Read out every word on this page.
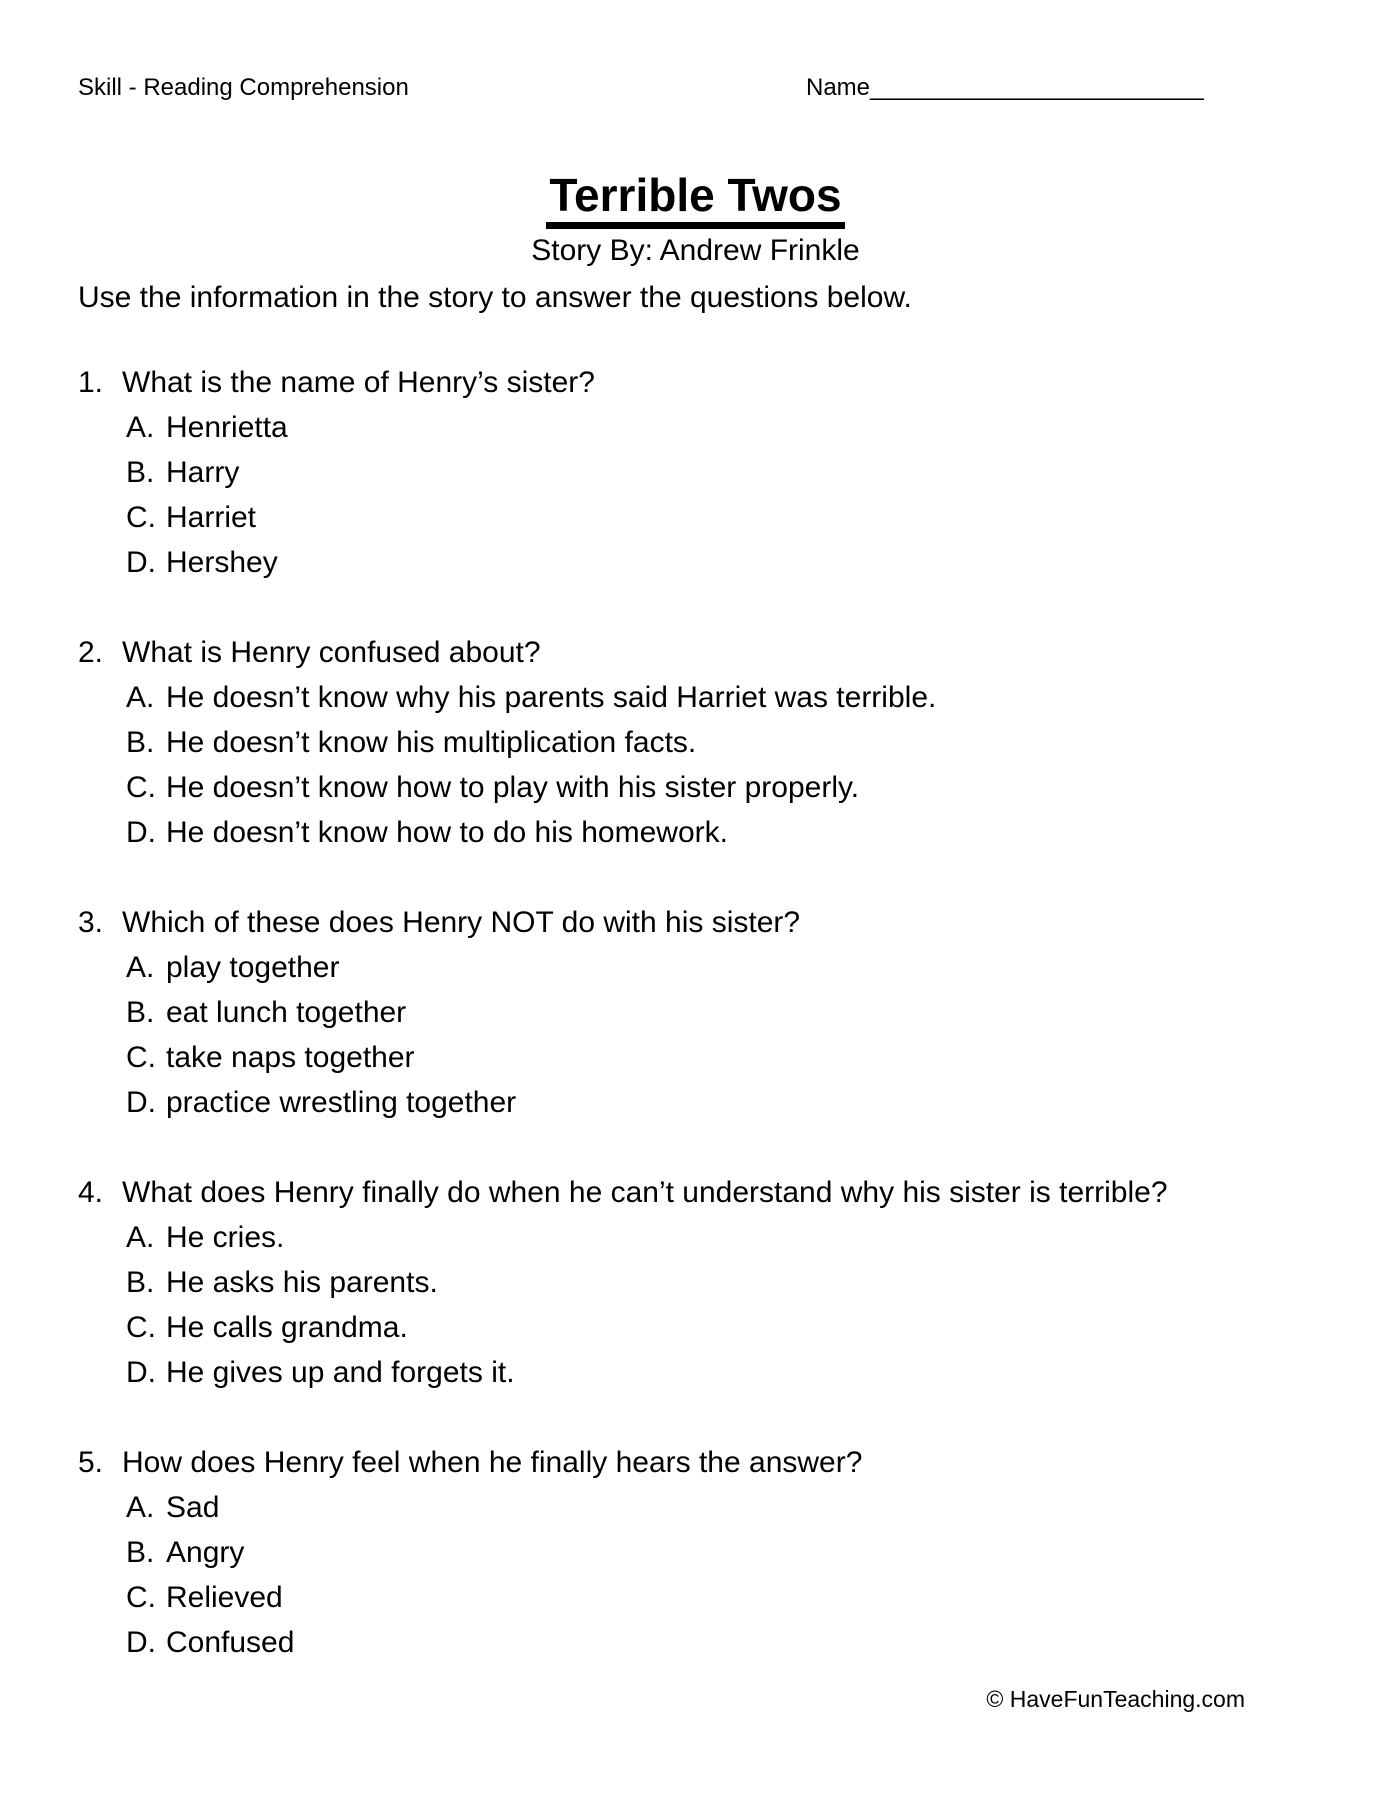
Skill - Reading Comprehension	Name_________________________
Terrible Twos
Story By: Andrew Frinkle
Use the information in the story to answer the questions below.
1. What is the name of Henry’s sister?
A. Henrietta
B. Harry
C. Harriet
D. Hershey
2. What is Henry confused about?
A. He doesn’t know why his parents said Harriet was terrible.
B. He doesn’t know his multiplication facts.
C. He doesn’t know how to play with his sister properly.
D. He doesn’t know how to do his homework.
3. Which of these does Henry NOT do with his sister?
A. play together
B. eat lunch together
C. take naps together
D. practice wrestling together
4. What does Henry finally do when he can’t understand why his sister is terrible?
A. He cries.
B. He asks his parents.
C. He calls grandma.
D. He gives up and forgets it.
5. How does Henry feel when he finally hears the answer?
A. Sad
B. Angry
C. Relieved
D. Confused
© HaveFunTeaching.com
